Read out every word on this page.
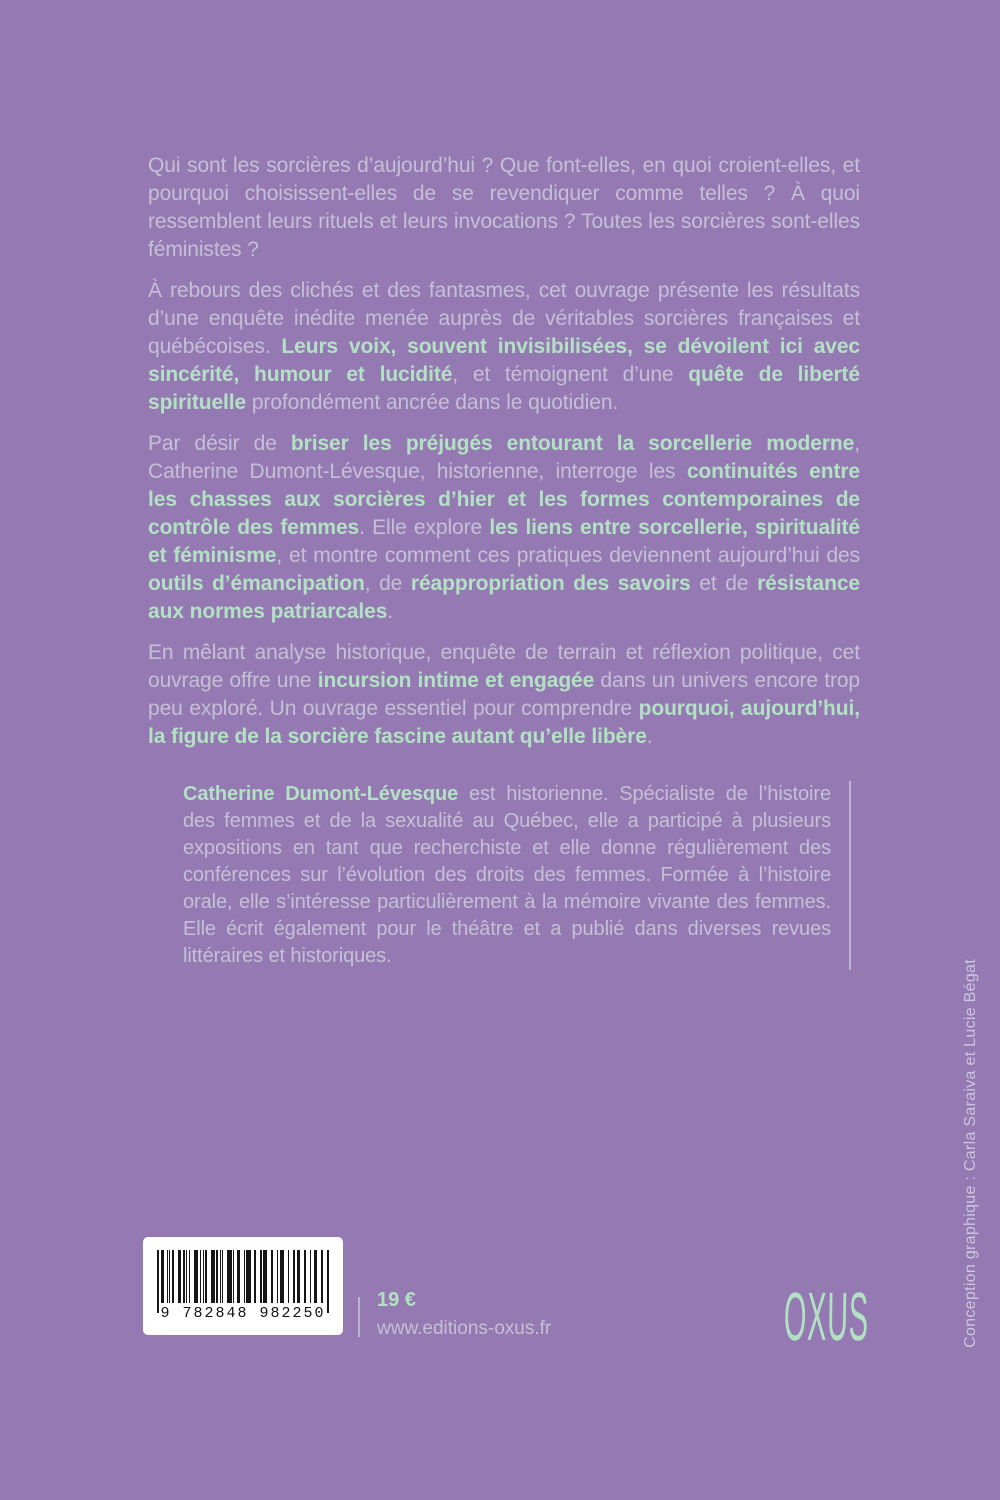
Qui sont les sorcières d’aujourd’hui ? Que font-elles, en quoi croient-elles, et pourquoi choisissent-elles de se revendiquer comme telles ? À quoi ressemblent leurs rituels et leurs invocations ? Toutes les sorcières sont-elles féministes ?

À rebours des clichés et des fantasmes, cet ouvrage présente les résultats d’une enquête inédite menée auprès de véritables sorcières françaises et québécoises. Leurs voix, souvent invisibilisées, se dévoilent ici avec sincérité, humour et lucidité, et témoignent d’une quête de liberté spirituelle profondément ancrée dans le quotidien.

Par désir de briser les préjugés entourant la sorcellerie moderne, Catherine Dumont-Lévesque, historienne, interroge les continuités entre les chasses aux sorcières d’hier et les formes contemporaines de contrôle des femmes. Elle explore les liens entre sorcellerie, spiritualité et féminisme, et montre comment ces pratiques deviennent aujourd’hui des outils d’émancipation, de réappropriation des savoirs et de résistance aux normes patriarcales.

En mêlant analyse historique, enquête de terrain et réflexion politique, cet ouvrage offre une incursion intime et engagée dans un univers encore trop peu exploré. Un ouvrage essentiel pour comprendre pourquoi, aujourd’hui, la figure de la sorcière fascine autant qu’elle libère.

Catherine Dumont-Lévesque est historienne. Spécialiste de l’histoire des femmes et de la sexualité au Québec, elle a participé à plusieurs expositions en tant que recherchiste et elle donne régulièrement des conférences sur l’évolution des droits des femmes. Formée à l’histoire orale, elle s’intéresse particulièrement à la mémoire vivante des femmes. Elle écrit également pour le théâtre et a publié dans diverses revues littéraires et historiques.
9 782848 982250
19 €
www.editions-oxus.fr	OXUS	Conception graphique : Carla Saraiva et Lucie Bégat
